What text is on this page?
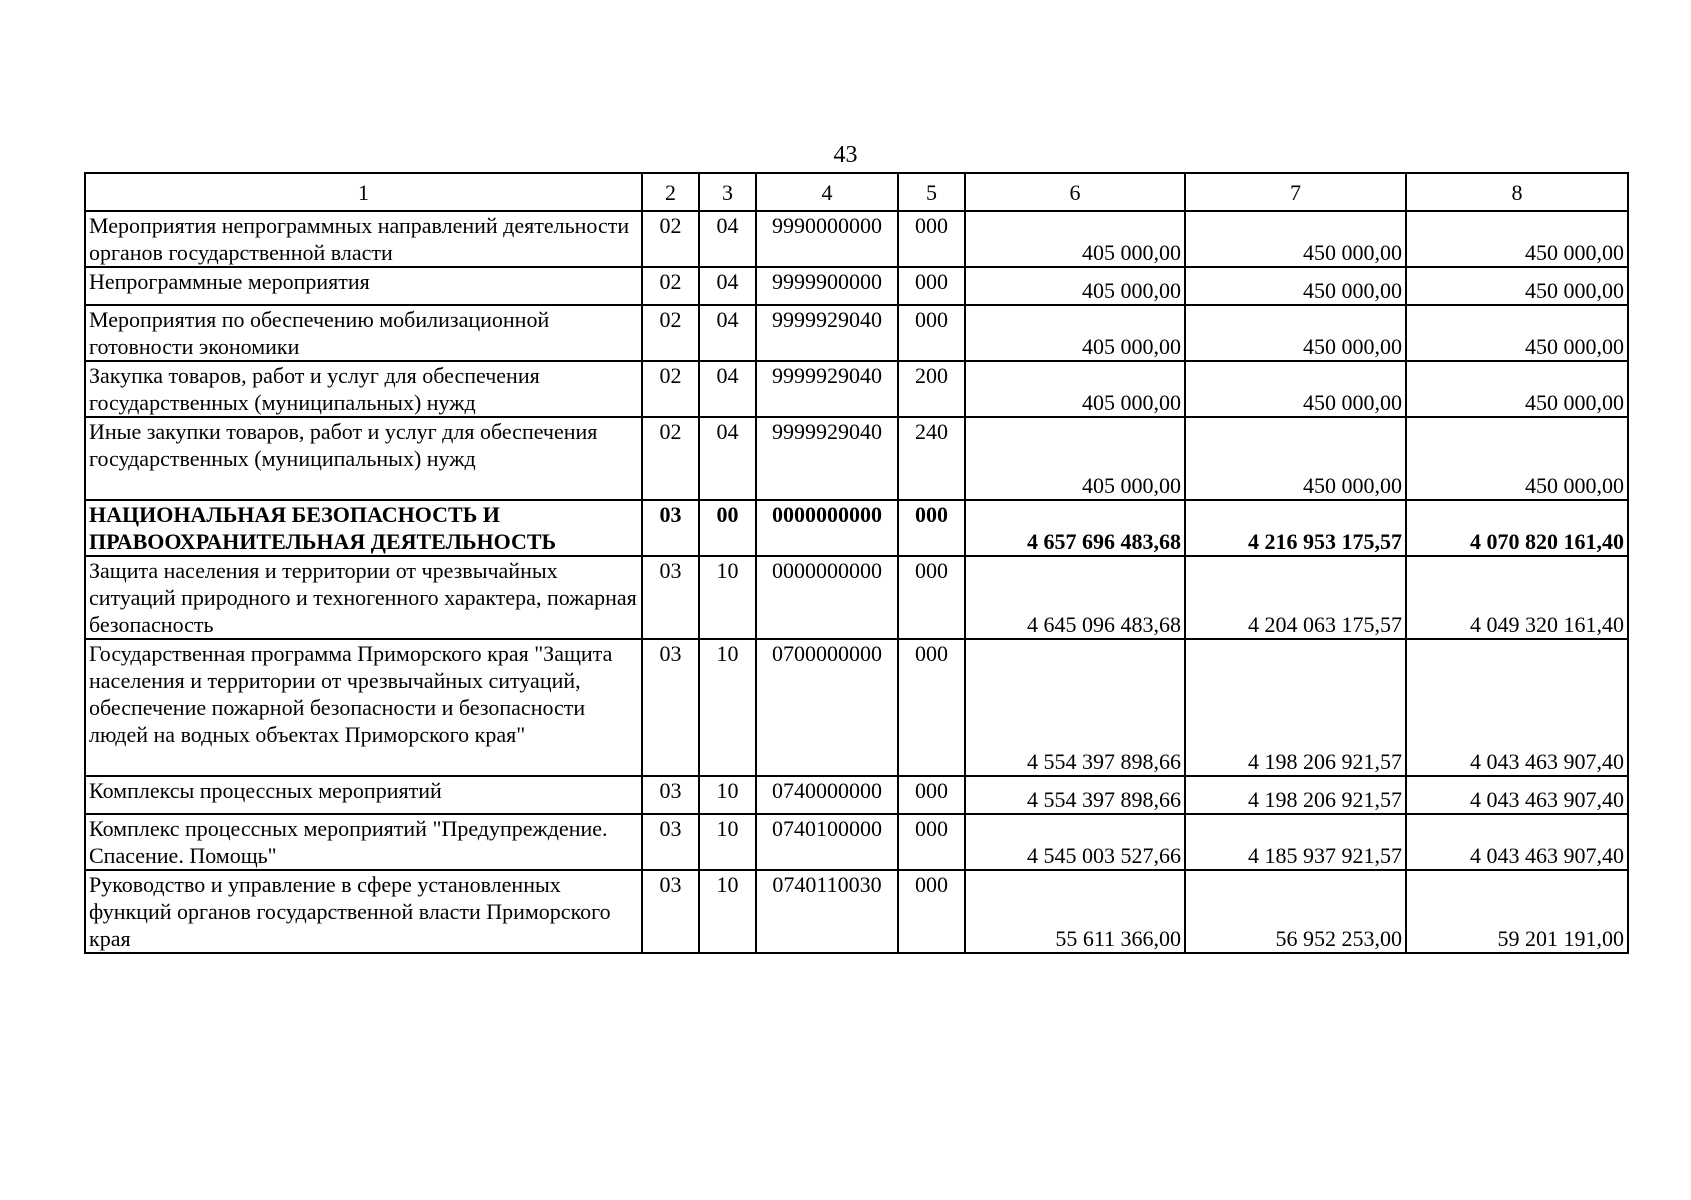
43
1	2	3	4	5	6	7	8
Мероприятия непрограммных направлений деятельности органов государственной власти	02	04	9990000000	000	405 000,00	450 000,00	450 000,00
Непрограммные мероприятия	02	04	9999900000	000	405 000,00	450 000,00	450 000,00
Мероприятия по обеспечению мобилизационной готовности экономики	02	04	9999929040	000	405 000,00	450 000,00	450 000,00
Закупка товаров, работ и услуг для обеспечения государственных (муниципальных) нужд	02	04	9999929040	200	405 000,00	450 000,00	450 000,00
Иные закупки товаров, работ и услуг для обеспечения государственных (муниципальных) нужд	02	04	9999929040	240	405 000,00	450 000,00	450 000,00
НАЦИОНАЛЬНАЯ БЕЗОПАСНОСТЬ И ПРАВООХРАНИТЕЛЬНАЯ ДЕЯТЕЛЬНОСТЬ	03	00	0000000000	000	4 657 696 483,68	4 216 953 175,57	4 070 820 161,40
Защита населения и территории от чрезвычайных ситуаций природного и техногенного характера, пожарная безопасность	03	10	0000000000	000	4 645 096 483,68	4 204 063 175,57	4 049 320 161,40
Государственная программа Приморского края "Защита населения и территории от чрезвычайных ситуаций, обеспечение пожарной безопасности и безопасности людей на водных объектах Приморского края"	03	10	0700000000	000	4 554 397 898,66	4 198 206 921,57	4 043 463 907,40
Комплексы процессных мероприятий	03	10	0740000000	000	4 554 397 898,66	4 198 206 921,57	4 043 463 907,40
Комплекс процессных мероприятий "Предупреждение. Спасение. Помощь"	03	10	0740100000	000	4 545 003 527,66	4 185 937 921,57	4 043 463 907,40
Руководство и управление в сфере установленных функций органов государственной власти Приморского края	03	10	0740110030	000	55 611 366,00	56 952 253,00	59 201 191,00
